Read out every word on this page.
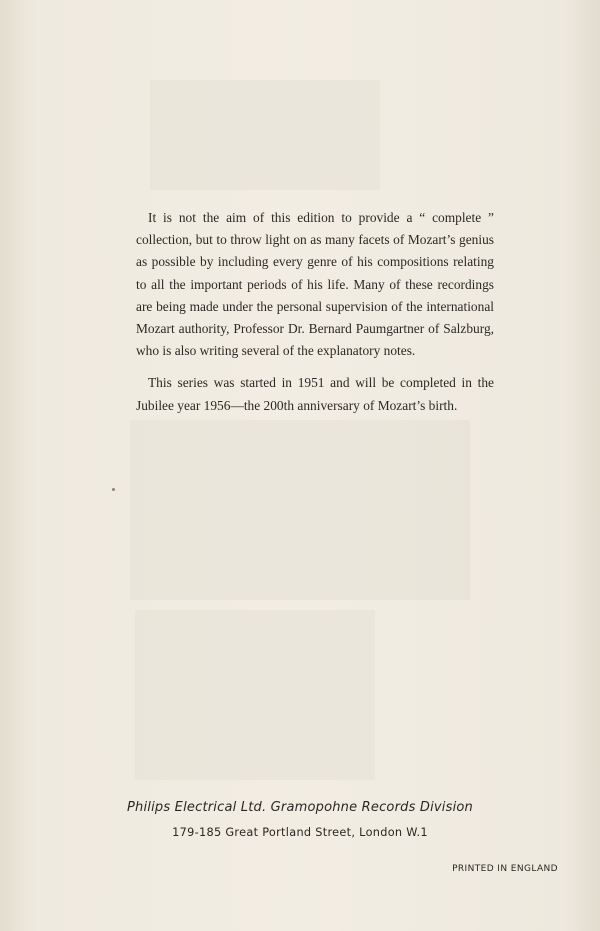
It is not the aim of this edition to provide a “ complete ” collection, but to throw light on as many facets of Mozart’s genius as possible by including every genre of his compositions relating to all the important periods of his life. Many of these recordings are being made under the personal supervision of the international Mozart authority, Professor Dr. Bernard Paumgartner of Salzburg, who is also writing several of the explanatory notes.

This series was started in 1951 and will be completed in the Jubilee year 1956—the 200th anniversary of Mozart’s birth.

Philips Electrical Ltd. Gramopohne Records Division
179-185 Great Portland Street, London W.1
PRINTED IN ENGLAND
